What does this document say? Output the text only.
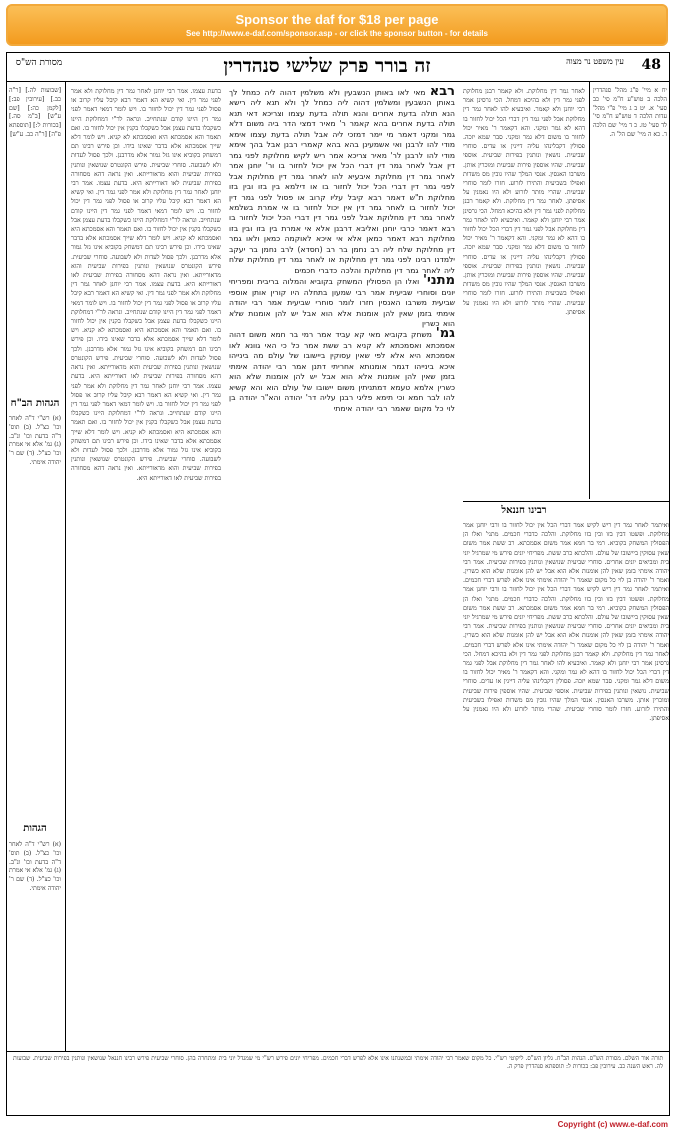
Sponsor the daf for $18 per page
See http://www.e-daf.com/sponsor.asp - or click the sponsor button - for details
מסורת הש"ס	זה בורר פרק שלישי סנהדרין	עין משפט נר מצוה	48
[שבועות לה.] [ר"ה כב.] [עירובין פב:] [לקמן כה:] [שם ע"ש] [ב"מ סה.] [בכורות ל:] [תוספתא פ"ה] [ר"ה כב. ע"ש]
הגהות הב"ח
(א) רש"י ד"ה לאחר וכו' כצ"ל. (ב) תוס' ד"ה בדעת וכו' ונ"ב. (ג) גמ' אלא אי אמרת וכו' כצ"ל. (ד) שם ר' יהודה אימתי.
הגהות
(א) רש"י ד"ה לאחר וכו' כצ"ל. (ב) תוס' ד"ה בדעת וכו' ונ"ב. (ג) גמ' אלא אי אמרת וכו' כצ"ל. (ד) שם ר' יהודה אימתי.
בדעת עצמו. אמר רבי יוחנן לאחר גמר דין מחלוקת ולא אמר לפני גמר דין. ואי קשיא הא דאמר רבא קיבל עליו קרוב או פסול לפני גמר דין יכול לחזור בו. ויש לומר דמאי דאמר לפני גמר דין היינו קודם שנתחייב. ונראה לר"י דמחלוקת היינו כשקבלו בדעת עצמן אבל כשקבלו בקנין אין יכול לחזור בו. ואם תאמר והא אסמכתא היא ואסמכתא לא קניא. ויש לומר דלא שייך אסמכתא אלא בדבר שאינו בידו. וכן פירש רבינו תם דמשחק בקוביא אינו גזל גמור אלא מדרבנן. ולכך פסול לעדות ולא לשבועה. סוחרי שביעית. פירש הקונטרס שנושאין ונותנין בפירות שביעית והוא מדאורייתא. ואין נראה דהא מסחורה בפירות שביעית לאו דאורייתא היא. בדעת עצמו. אמר רבי יוחנן לאחר גמר דין מחלוקת ולא אמר לפני גמר דין. ואי קשיא הא דאמר רבא קיבל עליו קרוב או פסול לפני גמר דין יכול לחזור בו. ויש לומר דמאי דאמר לפני גמר דין היינו קודם שנתחייב. ונראה לר"י דמחלוקת היינו כשקבלו בדעת עצמן אבל כשקבלו בקנין אין יכול לחזור בו. ואם תאמר והא אסמכתא היא ואסמכתא לא קניא. ויש לומר דלא שייך אסמכתא אלא בדבר שאינו בידו. וכן פירש רבינו תם דמשחק בקוביא אינו גזל גמור אלא מדרבנן. ולכך פסול לעדות ולא לשבועה. סוחרי שביעית. פירש הקונטרס שנושאין ונותנין בפירות שביעית והוא מדאורייתא. ואין נראה דהא מסחורה בפירות שביעית לאו דאורייתא היא. בדעת עצמו. אמר רבי יוחנן לאחר גמר דין מחלוקת ולא אמר לפני גמר דין. ואי קשיא הא דאמר רבא קיבל עליו קרוב או פסול לפני גמר דין יכול לחזור בו. ויש לומר דמאי דאמר לפני גמר דין היינו קודם שנתחייב. ונראה לר"י דמחלוקת היינו כשקבלו בדעת עצמן אבל כשקבלו בקנין אין יכול לחזור בו. ואם תאמר והא אסמכתא היא ואסמכתא לא קניא. ויש לומר דלא שייך אסמכתא אלא בדבר שאינו בידו. וכן פירש רבינו תם דמשחק בקוביא אינו גזל גמור אלא מדרבנן. ולכך פסול לעדות ולא לשבועה. סוחרי שביעית. פירש הקונטרס שנושאין ונותנין בפירות שביעית והוא מדאורייתא. ואין נראה דהא מסחורה בפירות שביעית לאו דאורייתא היא. בדעת עצמו. אמר רבי יוחנן לאחר גמר דין מחלוקת ולא אמר לפני גמר דין. ואי קשיא הא דאמר רבא קיבל עליו קרוב או פסול לפני גמר דין יכול לחזור בו. ויש לומר דמאי דאמר לפני גמר דין היינו קודם שנתחייב. ונראה לר"י דמחלוקת היינו כשקבלו בדעת עצמן אבל כשקבלו בקנין אין יכול לחזור בו. ואם תאמר והא אסמכתא היא ואסמכתא לא קניא. ויש לומר דלא שייך אסמכתא אלא בדבר שאינו בידו. וכן פירש רבינו תם דמשחק בקוביא אינו גזל גמור אלא מדרבנן. ולכך פסול לעדות ולא לשבועה. סוחרי שביעית. פירש הקונטרס שנושאין ונותנין בפירות שביעית והוא מדאורייתא. ואין נראה דהא מסחורה בפירות שביעית לאו דאורייתא היא.
רבא מאי לאו באותן הנשבעין ולא משלמין דהוה ליה כמחל לך באותן הנשבעין ומשלמין דהוה ליה כמחל לך ולא תנא ליה רישא הנא תולה בדעת אחרים והנא תולה בדעת עצמו וצריכא דאי תנא תולה בדעת אחרים בהא קאמר ר' מאיר דמצי הדר ביה משום דלא גמר ומקני דאמר מי יימר דמזכי ליה אבל תולה בדעת עצמו אימא מודי להו לרבנן ואי אשמעינן בהא בהא קאמרי רבנן אבל בהך אימא מודי להו לרבנן לר' מאיר צריכא אמר ריש לקיש מחלוקת לפני גמר דין אבל לאחר גמר דין דברי הכל אין יכול לחזור בו ור' יוחנן אמר לאחר גמר דין מחלוקת איבעיא להו לאחר גמר דין מחלוקת אבל לפני גמר דין דברי הכל יכול לחזור בו או דילמא בין בזו ובין בזו מחלוקת ת"ש דאמר רבא קיבל עליו קרוב או פסול לפני גמר דין יכול לחזור בו לאחר גמר דין אין יכול לחזור בו אי אמרת בשלמא לאחר גמר דין מחלוקת אבל לפני גמר דין דברי הכל יכול לחזור בו רבא דאמר כרבי יוחנן ואליבא דרבנן אלא אי אמרת בין בזו ובין בזו מחלוקת רבא דאמר כמאן אלא אי איכא לאוקמה כמאן ולאו גמר דין מחלוקת שלח ליה רב נחמן בר רב (חסדא) לרב נחמן בר יעקב ילמדנו רבינו לפני גמר דין מחלוקת או לאחר גמר דין מחלוקת שלח ליה לאחר גמר דין מחלוקת והלכה כדברי חכמים
מתני' ואלו הן הפסולין המשחק בקוביא והמלוה בריבית ומפריחי יונים וסוחרי שביעית אמר רבי שמעון בתחלה היו קורין אותן אוספי שביעית משרבו האנסין חזרו לומר סוחרי שביעית אמר רבי יהודה אימתי בזמן שאין להן אומנות אלא הוא אבל יש להן אומנות שלא הוא כשרין
גמ' משחק בקוביא מאי קא עביד אמר רמי בר חמא משום דהוה אסמכתא ואסמכתא לא קניא רב ששת אמר כל כי האי גוונא לאו אסמכתא היא אלא לפי שאין עסוקין ביישובו של עולם מה בינייהו איכא בינייהו דגמר אומנותא אחריתי דתנן אמר רבי יהודה אימתי בזמן שאין להן אומנות אלא הוא אבל יש להן אומנות שלא הוא כשרין אלמא טעמא דמתניתין משום יישובו של עולם הוא והא קשיא להו לבר חמא וכי תימא פליגי רבנן עליה דר' יהודה והא"ר יהודה בן לוי כל מקום שאמר רבי יהודה אימתי
לאחר גמר דין מחלוקת. ולא קאמר רבנן מחלוקת לפני גמר דין ולא בהיכא דמחל. הכי גרסינן אמר רבי יוחנן ולא קאמר. ואיבעיא להו לאחר גמר דין מחלוקת אבל לפני גמר דין דברי הכל יכול לחזור בו דהא לא גמר ומקני. והא דקאמר ר' מאיר יכול לחזור בו משום דלא גמר ומקני. סבר שמא יזכה. פסולין דקבלינהו עליה דיינין או עדים. סוחרי שביעית. נושאין ונותנין בפירות שביעית. אוספי שביעית. שהיו אוספין פירות שביעית ומוכרין אותן. משרבו האנסין. אנסי המלך שהיו גובין מס משדות ואפילו בשביעית והתירו לזרוע. חזרו לומר סוחרי שביעית. שהרי מותר לזרוע ולא היו נאמנין על אסיפתן. לאחר גמר דין מחלוקת. ולא קאמר רבנן מחלוקת לפני גמר דין ולא בהיכא דמחל. הכי גרסינן אמר רבי יוחנן ולא קאמר. ואיבעיא להו לאחר גמר דין מחלוקת אבל לפני גמר דין דברי הכל יכול לחזור בו דהא לא גמר ומקני. והא דקאמר ר' מאיר יכול לחזור בו משום דלא גמר ומקני. סבר שמא יזכה. פסולין דקבלינהו עליה דיינין או עדים. סוחרי שביעית. נושאין ונותנין בפירות שביעית. אוספי שביעית. שהיו אוספין פירות שביעית ומוכרין אותן. משרבו האנסין. אנסי המלך שהיו גובין מס משדות ואפילו בשביעית והתירו לזרוע. חזרו לומר סוחרי שביעית. שהרי מותר לזרוע ולא היו נאמנין על אסיפתן.
רבינו חננאל
ואיתמר לאחר גמר דין ריש לקיש אמר דברי הכל אין יכול לחזור בו ורבי יוחנן אמר מחלוקת. ופשטו דבין בזו ובין בזו מחלוקת. והלכה כדברי חכמים. מתני' ואלו הן הפסולין המשחק בקוביא. רמי בר חמא אמר משום אסמכתא. רב ששת אמר משום שאין עסוקין ביישובו של עולם. והלכתא כרב ששת. מפריחי יונים פירש מי שמרגיל יוני בית ומביאים יונים אחרים. סוחרי שביעית שנושאין ונותנין בפירות שביעית. אמר רבי יהודה אימתי בזמן שאין להן אומנות אלא הוא אבל יש להן אומנות שלא הוא כשרין. ואמר ר' יהודה בן לוי כל מקום שאמר ר' יהודה אימתי אינו אלא לפרש דברי חכמים. ואיתמר לאחר גמר דין ריש לקיש אמר דברי הכל אין יכול לחזור בו ורבי יוחנן אמר מחלוקת. ופשטו דבין בזו ובין בזו מחלוקת. והלכה כדברי חכמים. מתני' ואלו הן הפסולין המשחק בקוביא. רמי בר חמא אמר משום אסמכתא. רב ששת אמר משום שאין עסוקין ביישובו של עולם. והלכתא כרב ששת. מפריחי יונים פירש מי שמרגיל יוני בית ומביאים יונים אחרים. סוחרי שביעית שנושאין ונותנין בפירות שביעית. אמר רבי יהודה אימתי בזמן שאין להן אומנות אלא הוא אבל יש להן אומנות שלא הוא כשרין. ואמר ר' יהודה בן לוי כל מקום שאמר ר' יהודה אימתי אינו אלא לפרש דברי חכמים. לאחר גמר דין מחלוקת. ולא קאמר רבנן מחלוקת לפני גמר דין ולא בהיכא דמחל. הכי גרסינן אמר רבי יוחנן ולא קאמר. ואיבעיא להו לאחר גמר דין מחלוקת אבל לפני גמר דין דברי הכל יכול לחזור בו דהא לא גמר ומקני. והא דקאמר ר' מאיר יכול לחזור בו משום דלא גמר ומקני. סבר שמא יזכה. פסולין דקבלינהו עליה דיינין או עדים. סוחרי שביעית. נושאין ונותנין בפירות שביעית. אוספי שביעית. שהיו אוספין פירות שביעית ומוכרין אותן. משרבו האנסין. אנסי המלך שהיו גובין מס משדות ואפילו בשביעית והתירו לזרוע. חזרו לומר סוחרי שביעית. שהרי מותר לזרוע ולא היו נאמנין על אסיפתן.
יח א מיי' פ"ג מהל' סנהדרין הלכה ב טוש"ע ח"מ סי' כב סעי' א. יט ב ג מיי' פ"י מהל' עדות הלכה ד טוש"ע ח"מ סי' לד סעי' טז. כ ד מיי' שם הלכה ד. כא ה מיי' שם הל' ה.
תורה אור השלם. מסורת הש"ס. הגהות הב"ח. גליון הש"ס. ליקוטי רש"י. כל מקום שאמר רבי יהודה אימתי ובמשנתנו אינו אלא לפרש דברי חכמים. מפריחי יונים פירש רש"י מי שמגדל יוני בית ומתחרה בהן. סוחרי שביעית פירש רבינו חננאל שנושאין ונותנין בפירות שביעית. שבועות לה. ראש השנה כב. עירובין פב: בכורות ל: תוספתא סנהדרין פרק ה.
Copyright (c) www.e-daf.com
